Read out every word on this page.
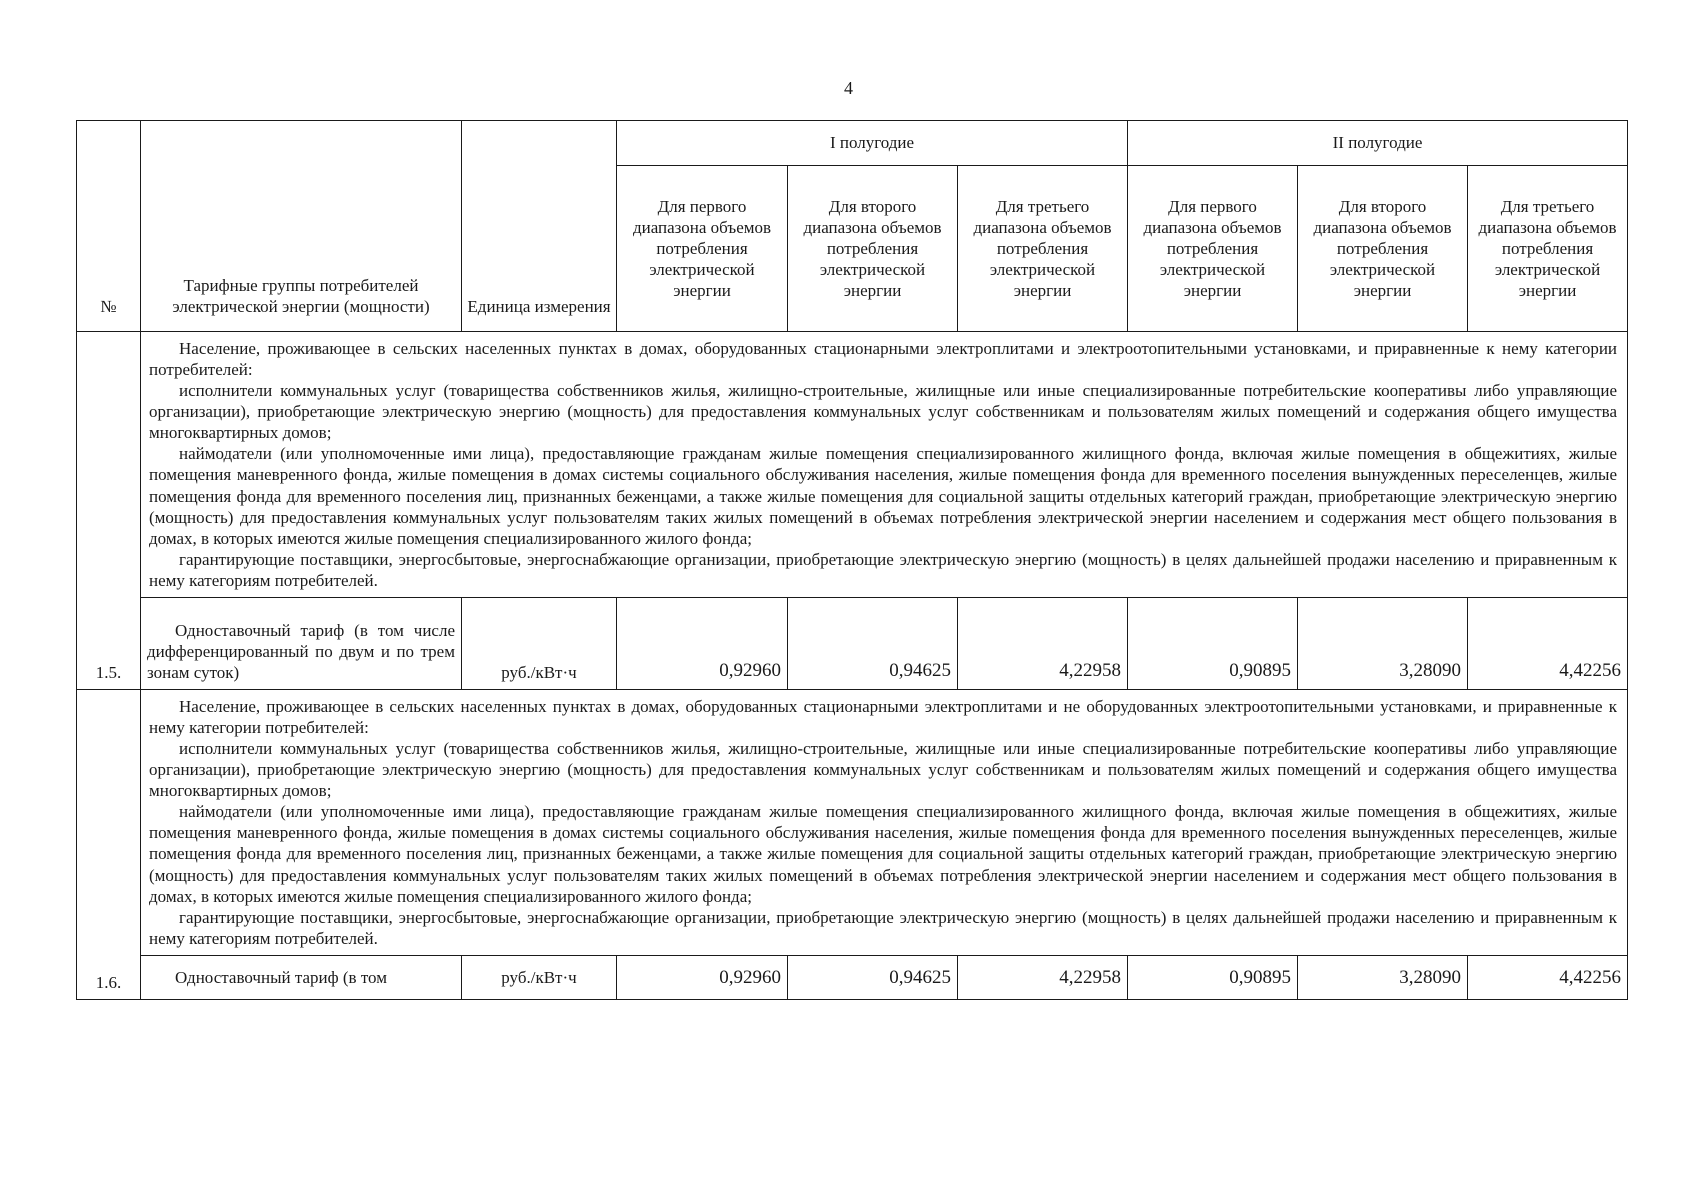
4
№	Тарифные группы потребителей электрической энергии (мощности)	Единица измерения	I полугодие			II полугодие		
			Для первого диапазона объемов потребления электрической энергии	Для второго диапазона объемов потребления электрической энергии	Для третьего диапазона объемов потребления электрической энергии	Для первого диапазона объемов потребления электрической энергии	Для второго диапазона объемов потребления электрической энергии	Для третьего диапазона объемов потребления электрической энергии
1.5.	Население, проживающее в сельских населенных пунктах в домах, оборудованных стационарными электроплитами и электроотопительными установками, и приравненные к нему категории потребителей:

исполнители коммунальных услуг (товарищества собственников жилья, жилищно-строительные, жилищные или иные специализированные потребительские кооперативы либо управляющие организации), приобретающие электрическую энергию (мощность) для предоставления коммунальных услуг собственникам и пользователям жилых помещений и содержания общего имущества многоквартирных домов;

наймодатели (или уполномоченные ими лица), предоставляющие гражданам жилые помещения специализированного жилищного фонда, включая жилые помещения в общежитиях, жилые помещения маневренного фонда, жилые помещения в домах системы социального обслуживания населения, жилые помещения фонда для временного поселения вынужденных переселенцев, жилые помещения фонда для временного поселения лиц, признанных беженцами, а также жилые помещения для социальной защиты отдельных категорий граждан, приобретающие электрическую энергию (мощность) для предоставления коммунальных услуг пользователям таких жилых помещений в объемах потребления электрической энергии населением и содержания мест общего пользования в домах, в которых имеются жилые помещения специализированного жилого фонда;

гарантирующие поставщики, энергосбытовые, энергоснабжающие организации, приобретающие электрическую энергию (мощность) в целях дальнейшей продажи населению и приравненным к нему категориям потребителей.							

	Одноставочный тариф (в том числе дифференцированный по двум и по трем зонам суток)	руб./кВт·ч	0,92960	0,94625	4,22958	0,90895	3,28090	4,42256
1.6.	Население, проживающее в сельских населенных пунктах в домах, оборудованных стационарными электроплитами и не оборудованных электроотопительными установками, и приравненные к нему категории потребителей:

исполнители коммунальных услуг (товарищества собственников жилья, жилищно-строительные, жилищные или иные специализированные потребительские кооперативы либо управляющие организации), приобретающие электрическую энергию (мощность) для предоставления коммунальных услуг собственникам и пользователям жилых помещений и содержания общего имущества многоквартирных домов;

наймодатели (или уполномоченные ими лица), предоставляющие гражданам жилые помещения специализированного жилищного фонда, включая жилые помещения в общежитиях, жилые помещения маневренного фонда, жилые помещения в домах системы социального обслуживания населения, жилые помещения фонда для временного поселения вынужденных переселенцев, жилые помещения фонда для временного поселения лиц, признанных беженцами, а также жилые помещения для социальной защиты отдельных категорий граждан, приобретающие электрическую энергию (мощность) для предоставления коммунальных услуг пользователям таких жилых помещений в объемах потребления электрической энергии населением и содержания мест общего пользования в домах, в которых имеются жилые помещения специализированного жилого фонда;

гарантирующие поставщики, энергосбытовые, энергоснабжающие организации, приобретающие электрическую энергию (мощность) в целях дальнейшей продажи населению и приравненным к нему категориям потребителей.							

	Одноставочный тариф (в том	руб./кВт·ч	0,92960	0,94625	4,22958	0,90895	3,28090	4,42256
